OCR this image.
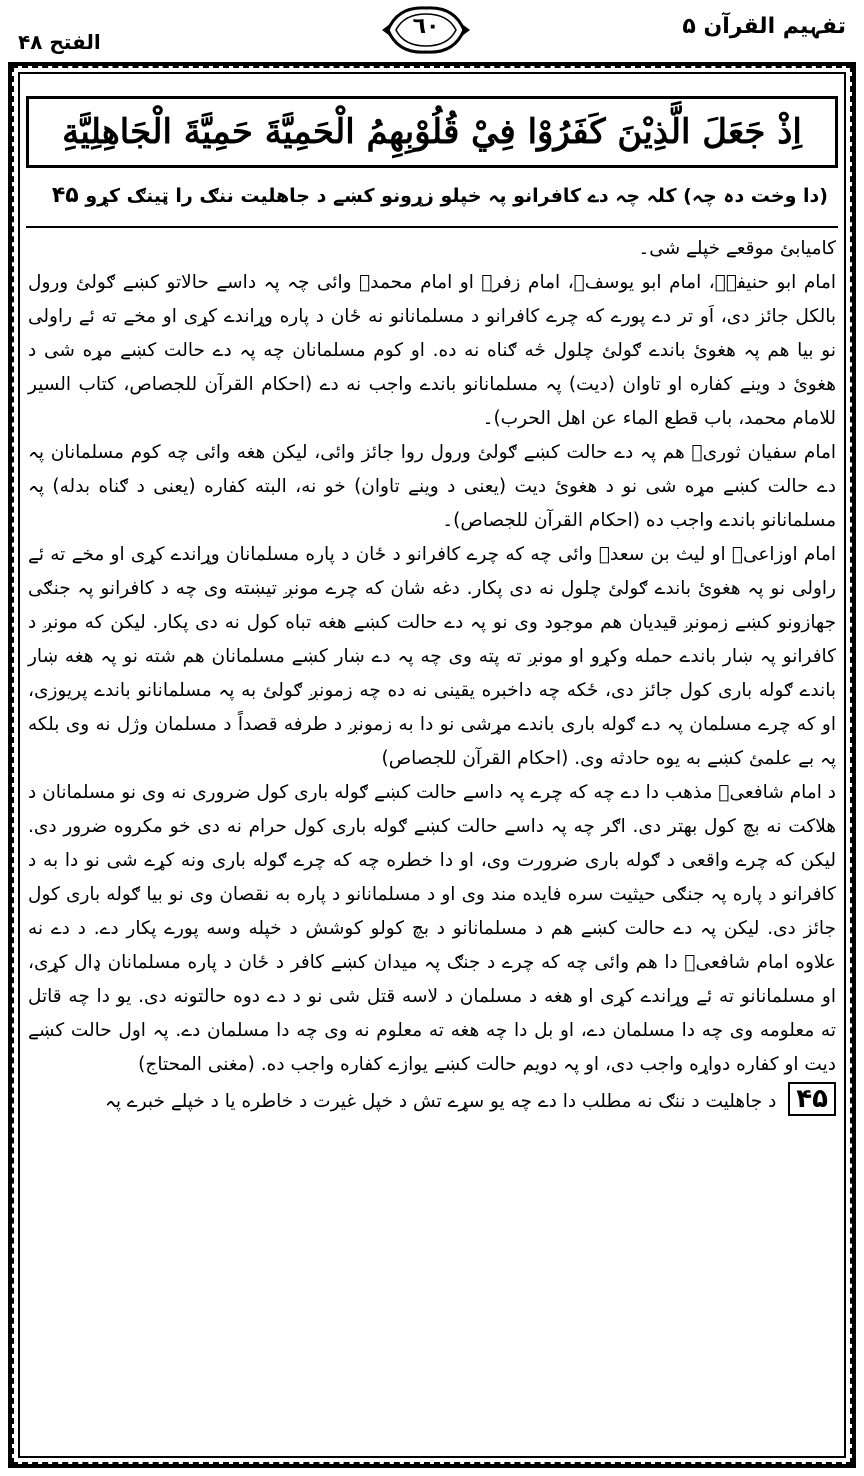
تفہیم القرآن ۵
٦٠
الفتح ۴۸
اِذْ جَعَلَ الَّذِيْنَ كَفَرُوْا فِيْ قُلُوْبِهِمُ الْحَمِيَّةَ حَمِيَّةَ الْجَاهِلِيَّةِ
(دا وخت دہ چہ) کلہ چہ دے کافرانو پہ خپلو زړونو کښے د جاهليت ننګ را ټینګ کړو ۴۵

کامیابئ موقعے خپلے شی۔

امام ابو حنیفہؒ، امام ابو یوسفؒ، امام زفرؒ او امام محمدؒ وائی چہ پہ داسے حالاتو کښے ګولئ ورول بالکل جائز دی، اَو تر دے پورے که چرے کافرانو د مسلمانانو نه ځان د پاره وړاندے کړی او مخے ته ئے راولی نو بیا هم پہ هغوئ باندے ګولئ چلول څه ګناه نه ده. او کوم مسلمانان چه پہ دے حالت کښے مړه شی د هغوئ د وینے کفاره او تاوان (دیت) پہ مسلمانانو باندے واجب نه دے (احکام القرآن للجصاص، کتاب السیر للامام محمد، باب قطع الماء عن اهل الحرب)۔

امام سفیان ثوریؒ هم پہ دے حالت کښے ګولئ ورول روا جائز وائی، لیکن هغه وائی چه کوم مسلمانان پہ دے حالت کښے مړه شی نو د هغوئ دیت (یعنی د وینے تاوان) خو نه، البته کفاره (یعنی د ګناه بدله) پہ مسلمانانو باندے واجب ده (احکام القرآن للجصاص)۔

امام اوزاعیؒ او لیث بن سعدؒ وائی چه که چرے کافرانو د ځان د پاره مسلمانان وړاندے کړی او مخے ته ئے راولی نو پہ هغوئ باندے ګولئ چلول نه دی پکار. دغه شان که چرے مونږ تیښته وی چه د کافرانو پہ جنګی جهازونو کښے زمونږ قیدیان هم موجود وی نو پہ دے حالت کښے هغه تباه کول نه دی پکار. لیکن که مونږ د کافرانو پہ ښار باندے حمله وکړو او مونږ ته پته وی چه پہ دے ښار کښے مسلمانان هم شته نو پہ هغه ښار باندے ګوله باری کول جائز دی، ځکه چه داخبره یقینی نه ده چه زمونږ ګولئ به پہ مسلمانانو باندے پریوزی، او که چرے مسلمان پہ دے ګوله باری باندے مړشی نو دا به زمونږ د طرفه قصداً د مسلمان وژل نه وی بلکه پہ بے علمئ کښے به یوه حادثه وی. (احکام القرآن للجصاص)

د امام شافعیؒ مذهب دا دے چه که چرے پہ داسے حالت کښے ګوله باری کول ضروری نه وی نو مسلمانان د هلاکت نه بچ کول بهتر دی. اګر چه پہ داسے حالت کښے ګوله باری کول حرام نه دی خو مکروه ضرور دی. لیکن که چرے واقعی د ګوله باری ضرورت وی، او دا خطره چه که چرے ګوله باری ونه کړے شی نو دا به د کافرانو د پاره پہ جنګی حیثیت سره فایده مند وی او د مسلمانانو د پاره به نقصان وی نو بیا ګوله باری کول جائز دی. لیکن پہ دے حالت کښے هم د مسلمانانو د بچ کولو کوشش د خپله وسه پورے پکار دے. د دے نه علاوه امام شافعیؒ دا هم وائی چه که چرے د جنګ پہ میدان کښے کافر د ځان د پاره مسلمانان ډال کړی، او مسلمانانو ته ئے وړاندے کړی او هغه د مسلمان د لاسه قتل شی نو د دے دوه حالتونه دی. یو دا چه قاتل ته معلومه وی چه دا مسلمان دے، او بل دا چه هغه ته معلوم نه وی چه دا مسلمان دے. پہ اول حالت کښے دیت او کفاره دواړه واجب دی، او پہ دویم حالت کښے یوازے کفاره واجب ده. (مغنی المحتاج)

۴۵ د جاهلیت د ننګ نه مطلب دا دے چه یو سړے تش د خپل غیرت د خاطره یا د خپلے خبرے پہ
